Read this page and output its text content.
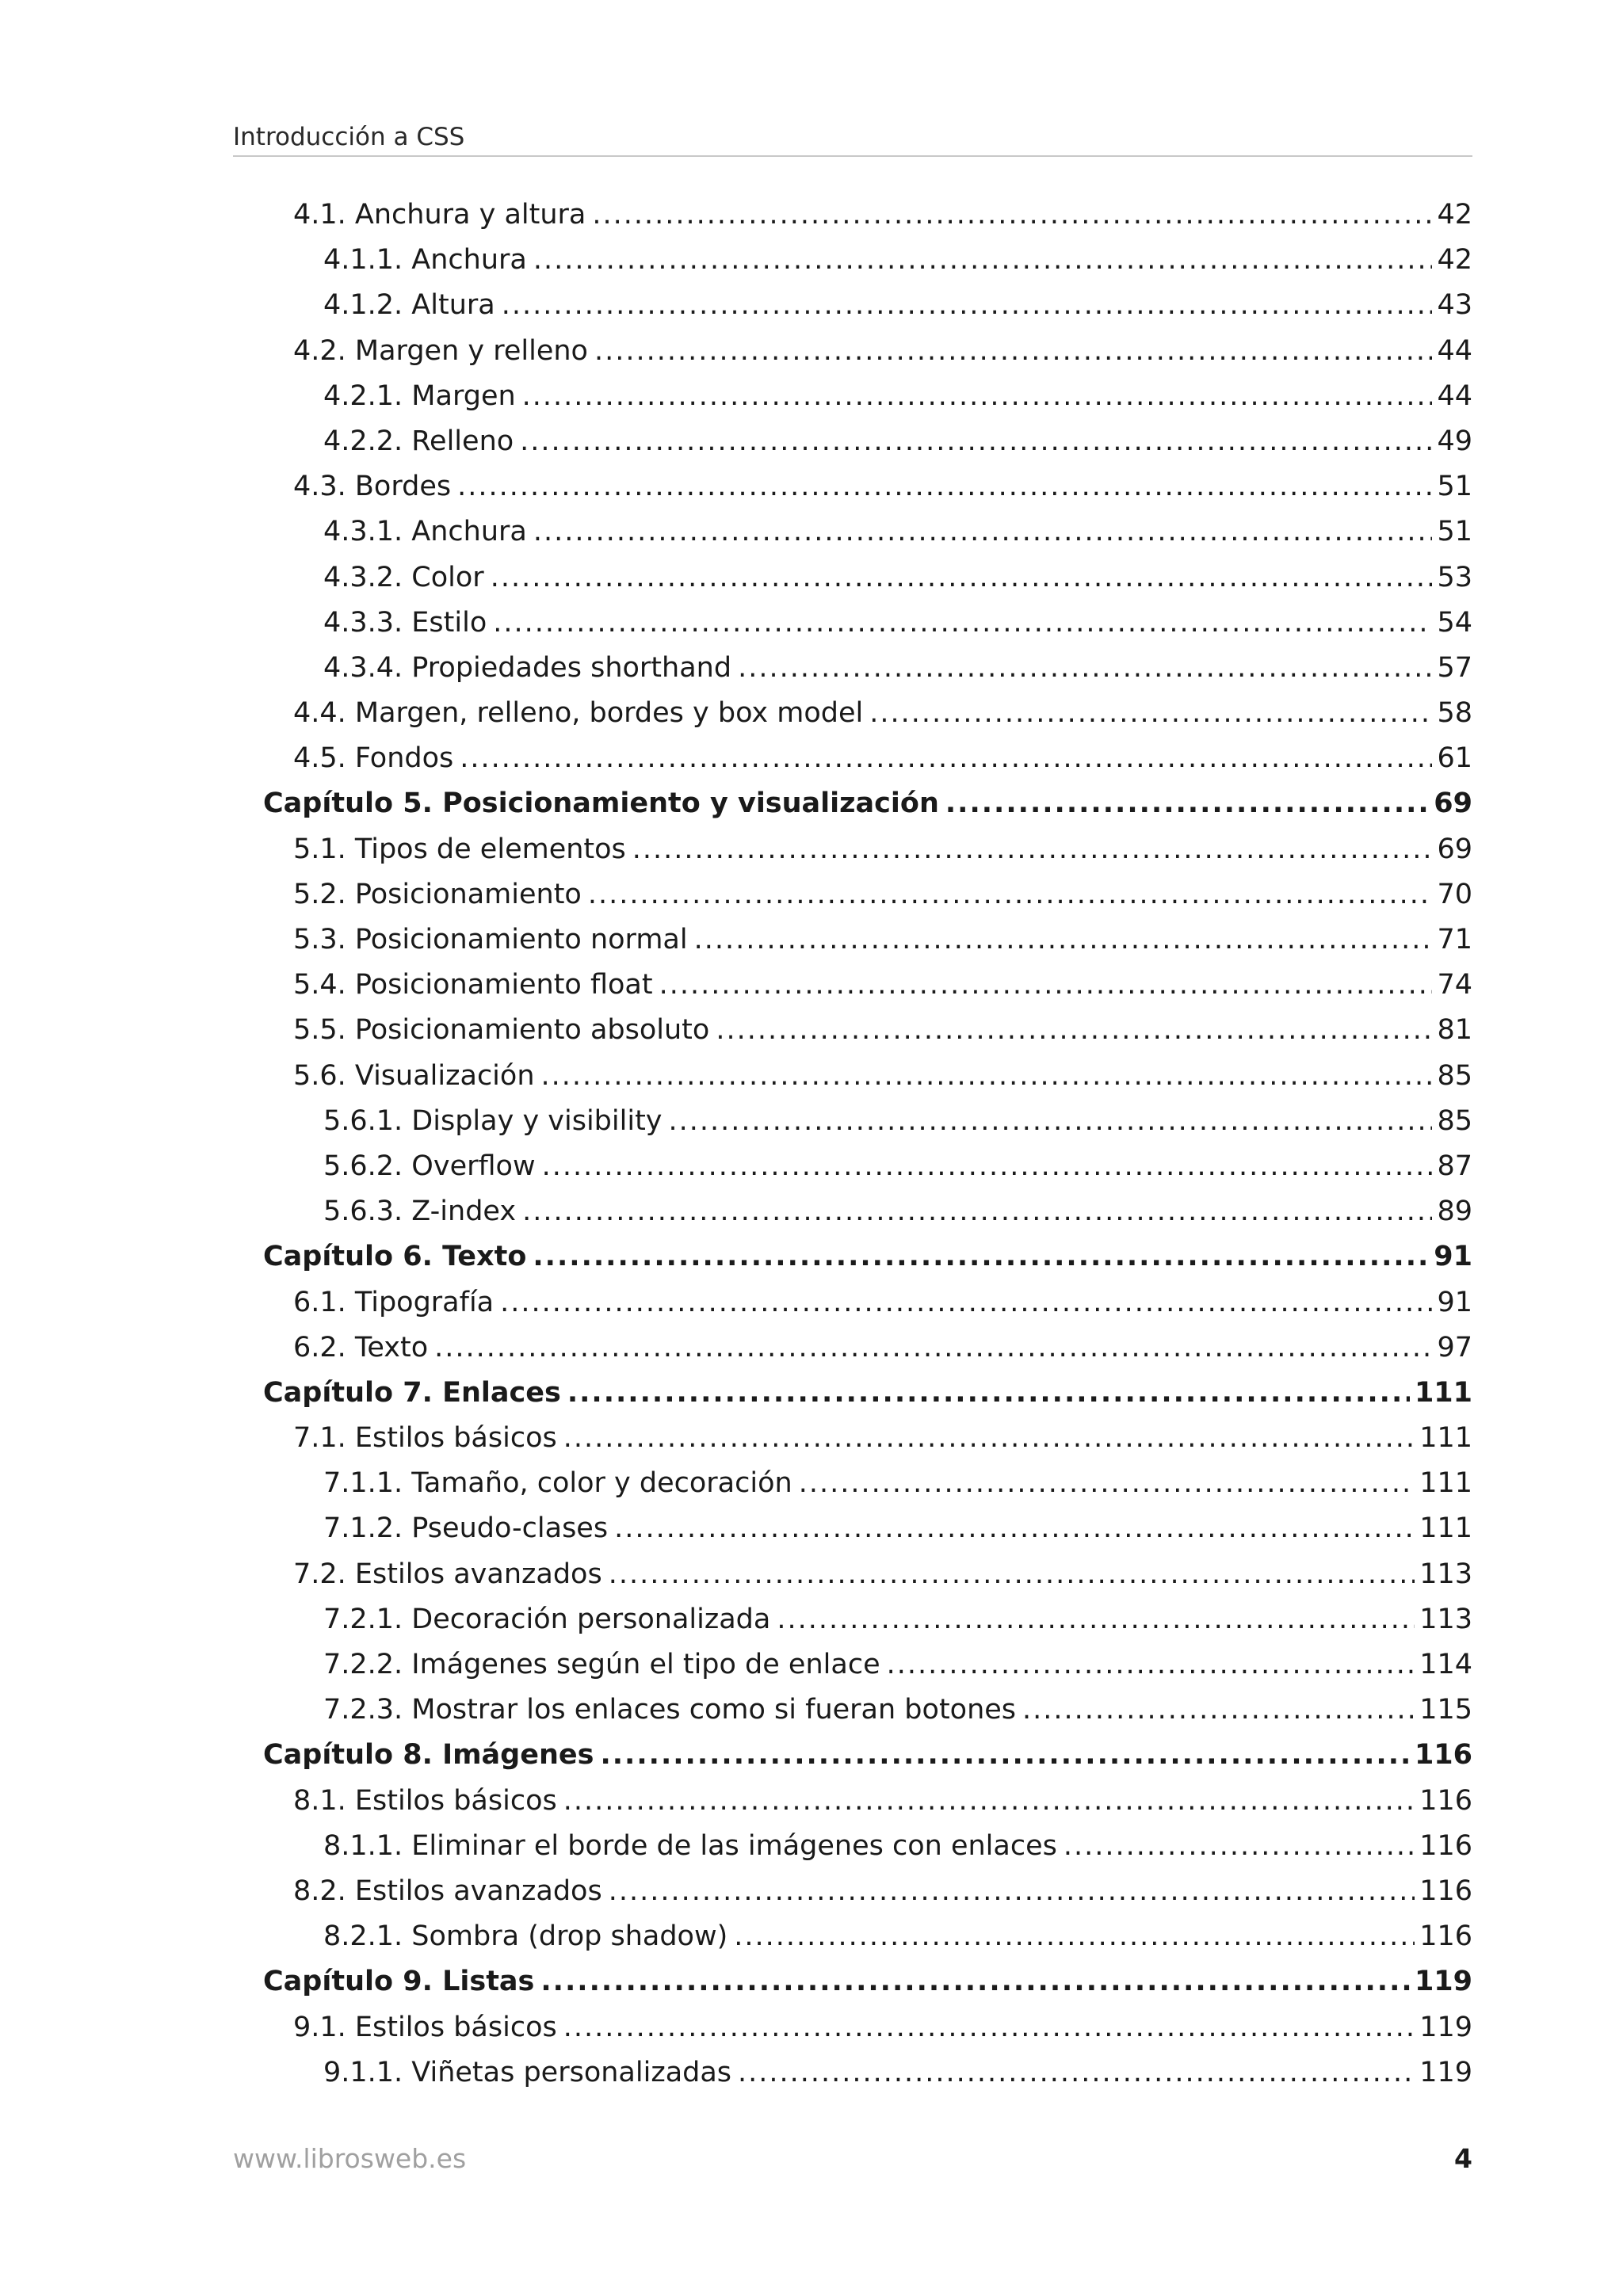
Introducción a CSS
4.1. Anchura y altura .....	42
4.1.1. Anchura .....	42
4.1.2. Altura .....	43
4.2. Margen y relleno .....	44
4.2.1. Margen .....	44
4.2.2. Relleno .....	49
4.3. Bordes .....	51
4.3.1. Anchura .....	51
4.3.2. Color .....	53
4.3.3. Estilo .....	54
4.3.4. Propiedades shorthand .....	57
4.4. Margen, relleno, bordes y box model .....	58
4.5. Fondos .....	61
Capítulo 5. Posicionamiento y visualización .....	69
5.1. Tipos de elementos .....	69
5.2. Posicionamiento .....	70
5.3. Posicionamiento normal .....	71
5.4. Posicionamiento float .....	74
5.5. Posicionamiento absoluto .....	81
5.6. Visualización .....	85
5.6.1. Display y visibility .....	85
5.6.2. Overflow .....	87
5.6.3. Z-index .....	89
Capítulo 6. Texto .....	91
6.1. Tipografía .....	91
6.2. Texto .....	97
Capítulo 7. Enlaces .....	111
7.1. Estilos básicos .....	111
7.1.1. Tamaño, color y decoración .....	111
7.1.2. Pseudo-clases .....	111
7.2. Estilos avanzados .....	113
7.2.1. Decoración personalizada .....	113
7.2.2. Imágenes según el tipo de enlace .....	114
7.2.3. Mostrar los enlaces como si fueran botones .....	115
Capítulo 8. Imágenes .....	116
8.1. Estilos básicos .....	116
8.1.1. Eliminar el borde de las imágenes con enlaces .....	116
8.2. Estilos avanzados .....	116
8.2.1. Sombra (drop shadow) .....	116
Capítulo 9. Listas .....	119
9.1. Estilos básicos .....	119
9.1.1. Viñetas personalizadas .....	119
www.librosweb.es	4
